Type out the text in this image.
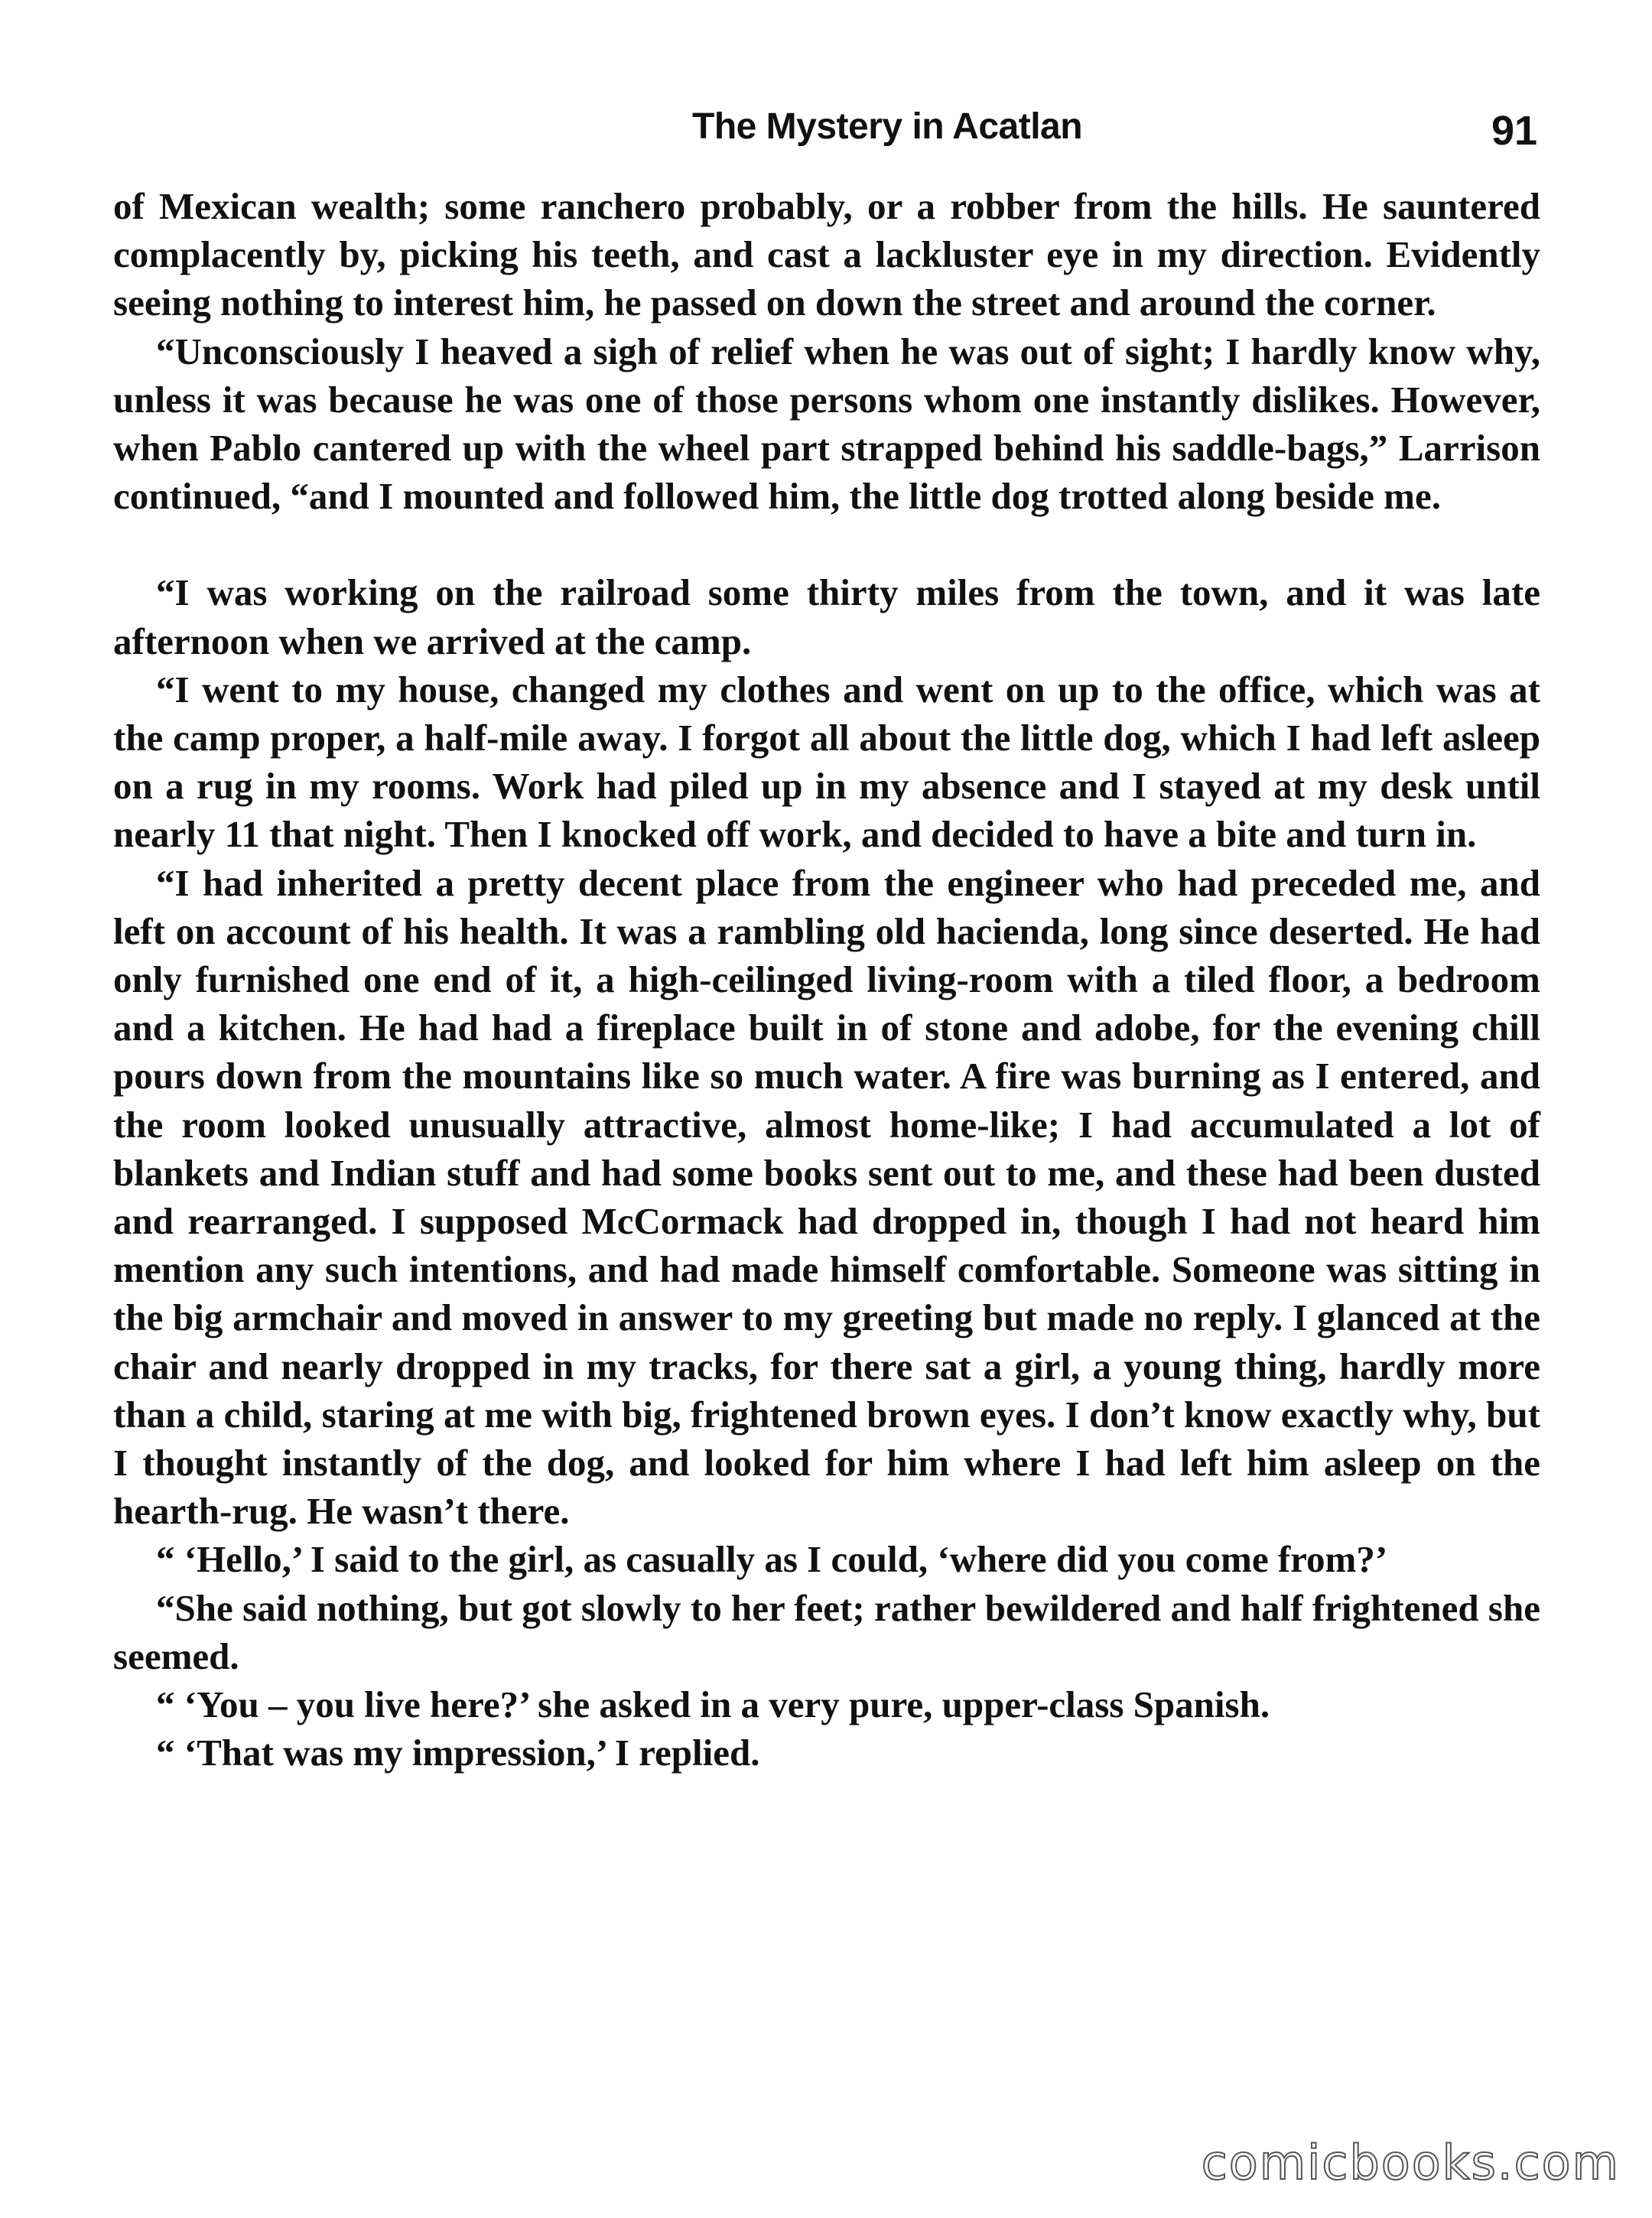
The Mystery in Acatlan	91

of Mexican wealth; some ranchero probably, or a robber from the hills. He sauntered complacently by, picking his teeth, and cast a lackluster eye in my direction. Evidently seeing nothing to interest him, he passed on down the street and around the corner.

“Unconsciously I heaved a sigh of relief when he was out of sight; I hardly know why, unless it was because he was one of those persons whom one instantly dislikes. However, when Pablo cantered up with the wheel part strapped behind his saddle-bags,” Larrison continued, “and I mounted and followed him, the little dog trotted along beside me.

“I was working on the railroad some thirty miles from the town, and it was late afternoon when we arrived at the camp.

“I went to my house, changed my clothes and went on up to the office, which was at the camp proper, a half-mile away. I forgot all about the little dog, which I had left asleep on a rug in my rooms. Work had piled up in my absence and I stayed at my desk until nearly 11 that night. Then I knocked off work, and decided to have a bite and turn in.

“I had inherited a pretty decent place from the engineer who had preceded me, and left on account of his health. It was a rambling old hacienda, long since deserted. He had only furnished one end of it, a high-ceilinged living-room with a tiled floor, a bedroom and a kitchen. He had had a fireplace built in of stone and adobe, for the evening chill pours down from the mountains like so much water. A fire was burning as I entered, and the room looked unusually attractive, almost home-like; I had accumulated a lot of blankets and Indian stuff and had some books sent out to me, and these had been dusted and rearranged. I supposed McCormack had dropped in, though I had not heard him mention any such intentions, and had made himself comfortable. Someone was sitting in the big armchair and moved in answer to my greeting but made no reply. I glanced at the chair and nearly dropped in my tracks, for there sat a girl, a young thing, hardly more than a child, staring at me with big, frightened brown eyes. I don’t know exactly why, but I thought instantly of the dog, and looked for him where I had left him asleep on the hearth-rug. He wasn’t there.

“ ‘Hello,’ I said to the girl, as casually as I could, ‘where did you come from?’

“She said nothing, but got slowly to her feet; rather bewildered and half frightened she seemed.

“ ‘You – you live here?’ she asked in a very pure, upper-class Spanish.

“ ‘That was my impression,’ I replied.

comicbooks.com
